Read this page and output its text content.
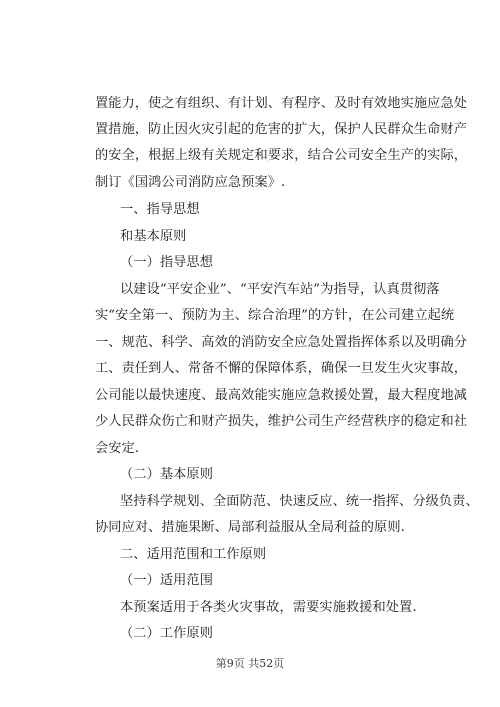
置能力，使之有组织、有计划、有程序、及时有效地实施应急处
置措施，防止因火灾引起的危害的扩大，保护人民群众生命财产
的安全，根据上级有关规定和要求，结合公司安全生产的实际，
制订《国鸿公司消防应急预案》.
一、指导思想
和基本原则
（一）指导思想
以建设“平安企业”、“平安汽车站”为指导，认真贯彻落
实“安全第一、预防为主、综合治理”的方针，在公司建立起统
一、规范、科学、高效的消防安全应急处置指挥体系以及明确分
工、责任到人、常备不懈的保障体系，确保一旦发生火灾事故，
公司能以最快速度、最高效能实施应急救援处置，最大程度地减
少人民群众伤亡和财产损失，维护公司生产经营秩序的稳定和社
会安定.
（二）基本原则
坚持科学规划、全面防范、快速反应、统一指挥、分级负责、
协同应对、措施果断、局部利益服从全局利益的原则.
二、适用范围和工作原则
（一）适用范围
本预案适用于各类火灾事故，需要实施救援和处置.
（二）工作原则
第9页 共52页
